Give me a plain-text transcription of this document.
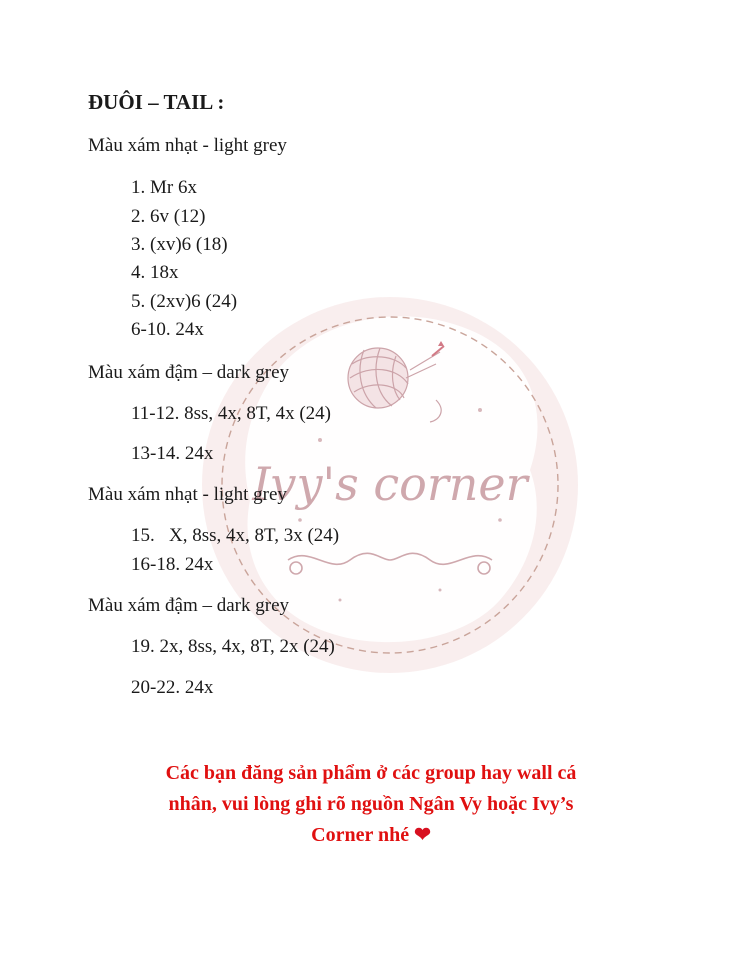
Ivy's corner
ĐUÔI – TAIL :
Màu xám nhạt - light grey
1. Mr 6x
2. 6v (12)
3. (xv)6 (18)
4. 18x
5. (2xv)6 (24)
6-10. 24x
Màu xám đậm – dark grey
11-12. 8ss, 4x, 8T, 4x (24)
13-14. 24x
Màu xám nhạt - light grey
15.   X, 8ss, 4x, 8T, 3x (24)
16-18. 24x
Màu xám đậm – dark grey
19. 2x, 8ss, 4x, 8T, 2x (24)
20-22. 24x
Các bạn đăng sản phẩm ở các group hay wall cá
nhân, vui lòng ghi rõ nguồn Ngân Vy hoặc Ivy’s
Corner nhé ❤
